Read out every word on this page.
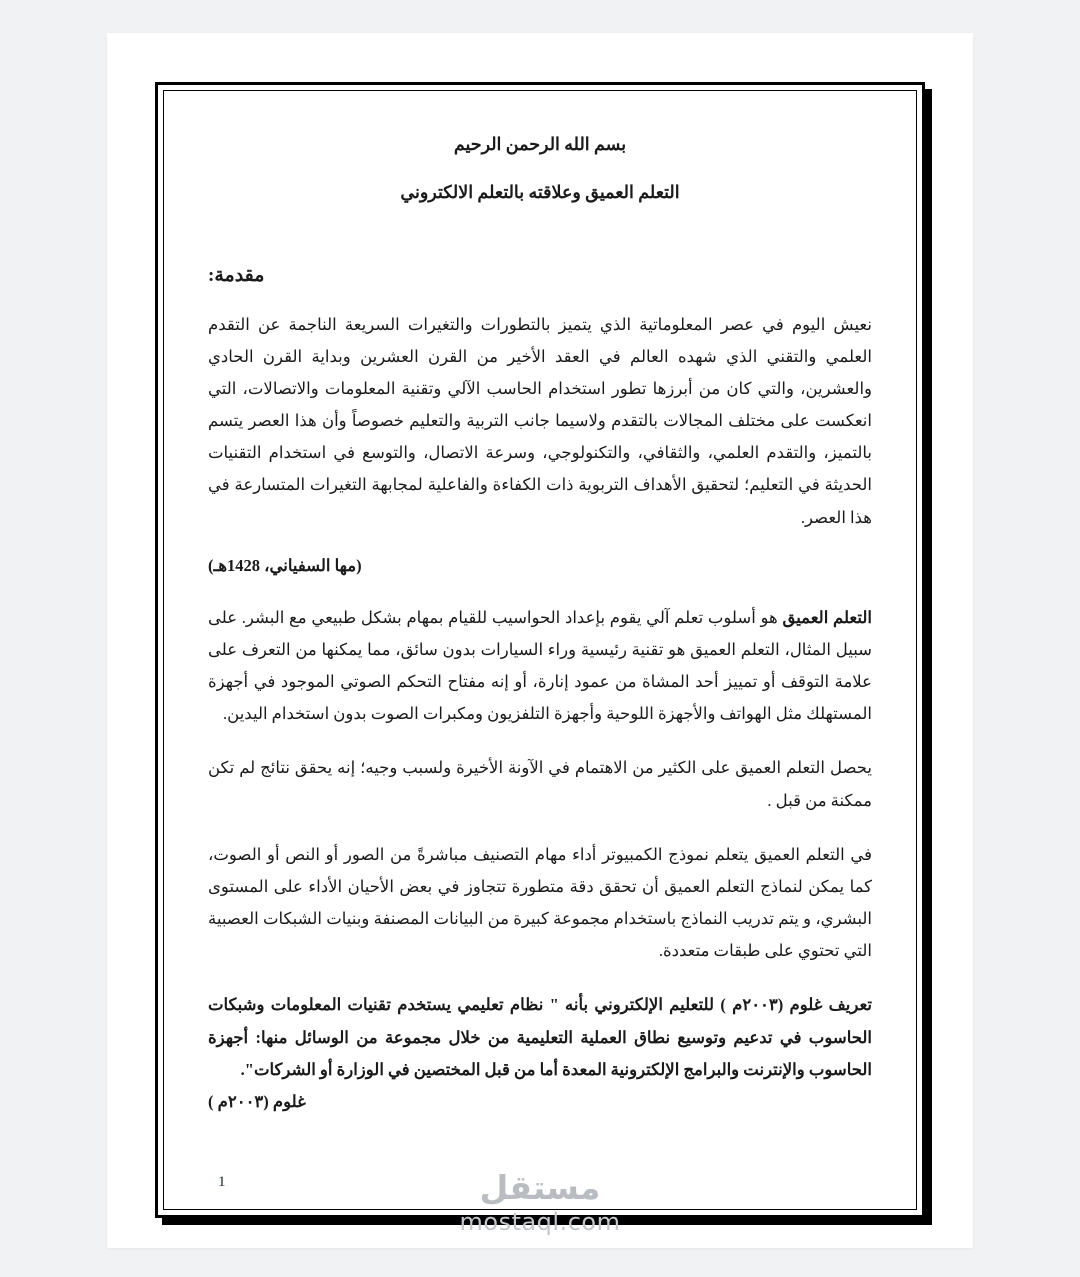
بسم الله الرحمن الرحيم
التعلم العميق وعلاقته بالتعلم الالكتروني
مقدمة:

نعيش اليوم في عصر المعلوماتية الذي يتميز بالتطورات والتغيرات السريعة الناجمة عن التقدم العلمي والتقني الذي شهده العالم في العقد الأخير من القرن العشرين وبداية القرن الحادي والعشرين، والتي كان من أبرزها تطور استخدام الحاسب الآلي وتقنية المعلومات والاتصالات، التي انعكست على مختلف المجالات بالتقدم ولاسيما جانب التربية والتعليم خصوصاً وأن هذا العصر يتسم بالتميز، والتقدم العلمي، والثقافي، والتكنولوجي، وسرعة الاتصال، والتوسع في استخدام التقنيات الحديثة في التعليم؛ لتحقيق الأهداف التربوية ذات الكفاءة والفاعلية لمجابهة التغيرات المتسارعة في هذا العصر.

(مها السفياني، 1428هـ)

التعلم العميق هو أسلوب تعلم آلي يقوم بإعداد الحواسيب للقيام بمهام بشكل طبيعي مع البشر. على سبيل المثال، التعلم العميق هو تقنية رئيسية وراء السيارات بدون سائق، مما يمكنها من التعرف على علامة التوقف أو تمييز أحد المشاة من عمود إنارة، أو إنه مفتاح التحكم الصوتي الموجود في أجهزة المستهلك مثل الهواتف والأجهزة اللوحية وأجهزة التلفزيون ومكبرات الصوت بدون استخدام اليدين.

يحصل التعلم العميق على الكثير من الاهتمام في الآونة الأخيرة ولسبب وجيه؛ إنه يحقق نتائج لم تكن ممكنة من قبل .

في التعلم العميق يتعلم نموذج الكمبيوتر أداء مهام التصنيف مباشرةً من الصور أو النص أو الصوت، كما يمكن لنماذج التعلم العميق أن تحقق دقة متطورة تتجاوز في بعض الأحيان الأداء على المستوى البشري، و يتم تدريب النماذج باستخدام مجموعة كبيرة من البيانات المصنفة وبنيات الشبكات العصبية التي تحتوي على طبقات متعددة.

تعريف غلوم (٢٠٠٣م ) للتعليم الإلكتروني بأنه " نظام تعليمي يستخدم تقنيات المعلومات وشبكات الحاسوب في تدعيم وتوسيع نطاق العملية التعليمية من خلال مجموعة من الوسائل منها: أجهزة الحاسوب والإنترنت والبرامج الإلكترونية المعدة أما من قبل المختصين في الوزارة أو الشركات".
غلوم (٢٠٠٣م )

1	مستقل
mostaql.com
